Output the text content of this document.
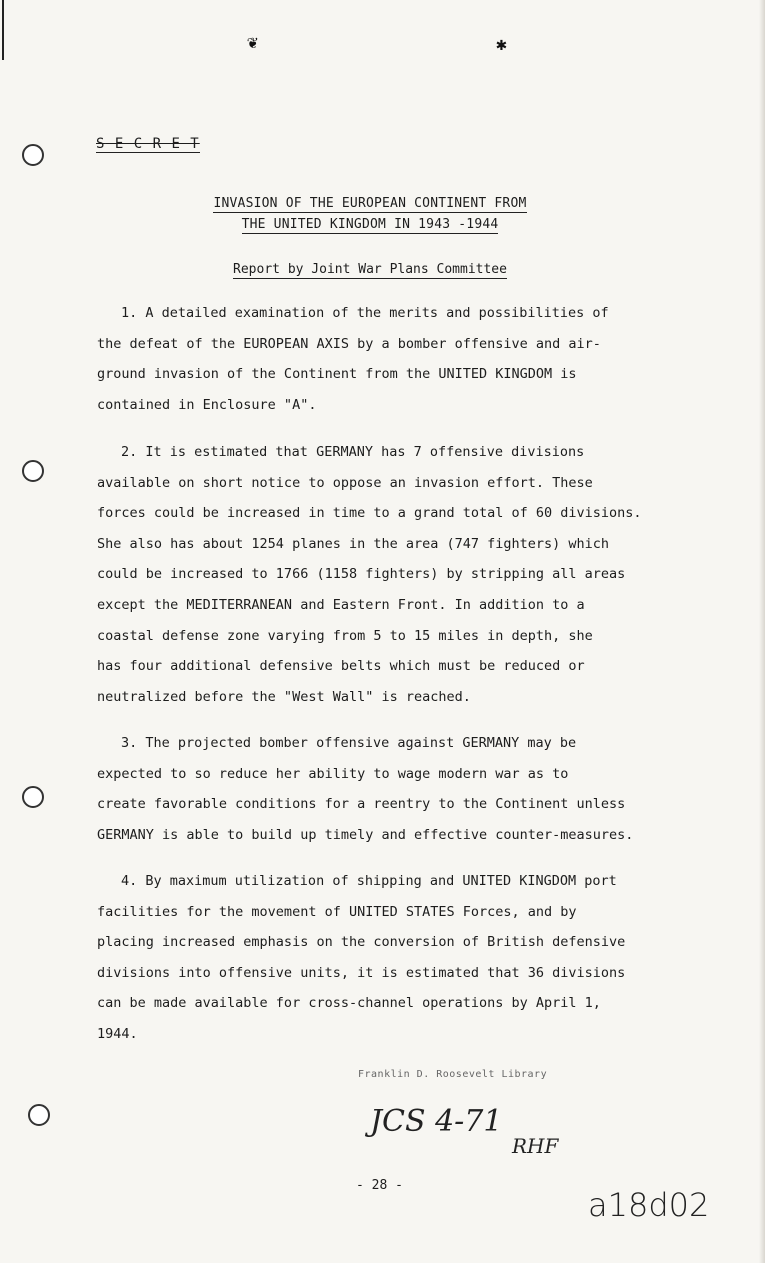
❦	✱
S E C R E T
INVASION OF THE EUROPEAN CONTINENT FROM
THE UNITED KINGDOM IN 1943 -1944
Report by Joint War Plans Committee
1. A detailed examination of the merits and possibilities of
the defeat of the EUROPEAN AXIS by a bomber offensive and air-
ground invasion of the Continent from the UNITED KINGDOM is
contained in Enclosure "A".
2. It is estimated that GERMANY has 7 offensive divisions
available on short notice to oppose an invasion effort. These
forces could be increased in time to a grand total of 60 divisions.
She also has about 1254 planes in the area (747 fighters) which
could be increased to 1766 (1158 fighters) by stripping all areas
except the MEDITERRANEAN and Eastern Front. In addition to a
coastal defense zone varying from 5 to 15 miles in depth, she
has four additional defensive belts which must be reduced or
neutralized before the "West Wall" is reached.
3. The projected bomber offensive against GERMANY may be
expected to so reduce her ability to wage modern war as to
create favorable conditions for a reentry to the Continent unless
GERMANY is able to build up timely and effective counter-measures.
4. By maximum utilization of shipping and UNITED KINGDOM port
facilities for the movement of UNITED STATES Forces, and by
placing increased emphasis on the conversion of British defensive
divisions into offensive units, it is estimated that 36 divisions
can be made available for cross-channel operations by April 1,
1944.
Franklin D. Roosevelt Library
JCS 4-71
RHF
- 28 -
a18d02
